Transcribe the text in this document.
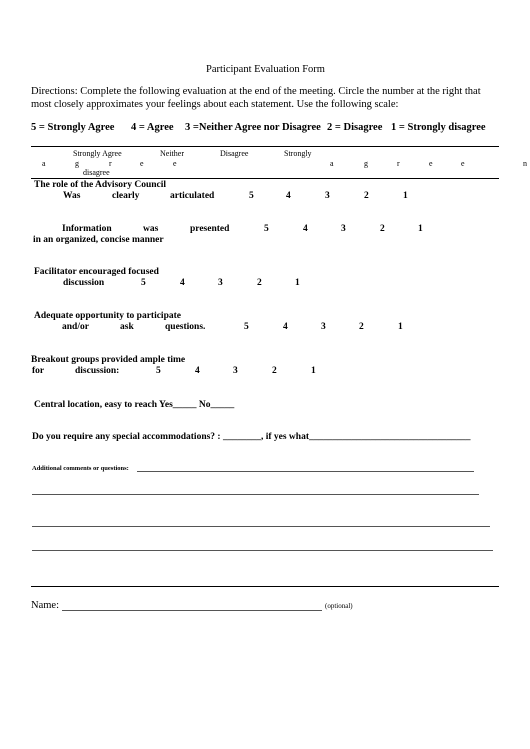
Participant Evaluation Form
Directions: Complete the following evaluation at the end of the meeting. Circle the number at the right that
most closely approximates your feelings about each statement. Use the following scale:
5 = Strongly Agree 4 = Agree 3 =Neither Agree nor Disagree 2 = Disagree 1 = Strongly disagree
Strongly Agree	Neither	Disagree	Strongly
a	g	r	e	e	a	g	r	e	e	n
disagree
The role of the Advisory Council
Was	clearly	articulated	5	4	3	2	1
Information	was	presented	5	4	3	2	1
in an organized, concise manner
Facilitator encouraged focused
discussion	5	4	3	2	1
Adequate opportunity to participate
and/or	ask	questions.	5	4	3	2	1
Breakout groups provided ample time
for	discussion:	5	4	3	2	1
Central location, easy to reach Yes_____ No_____
Do you require any special accommodations? : ________, if yes what__________________________________
Additional comments or questions:
Name:	(optional)
